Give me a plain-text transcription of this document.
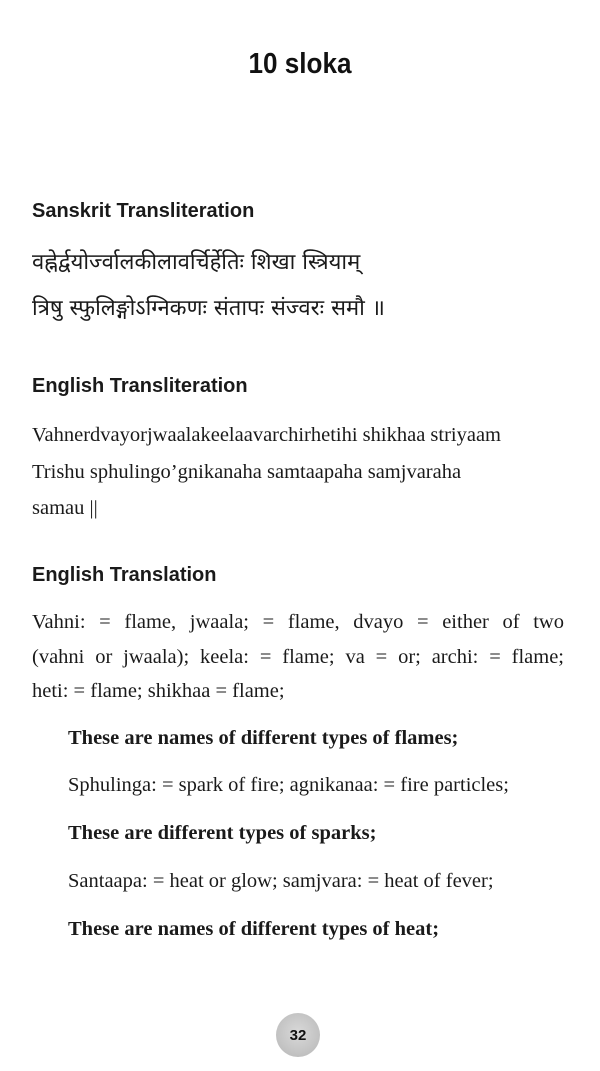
10 sloka
Sanskrit Transliteration
वह्नेर्द्वयोर्ज्वालकीलावर्चिर्हेतिः शिखा स्त्रियाम्
त्रिषु स्फुलिङ्गोऽग्निकणः संतापः संज्वरः समौ ॥
English Transliteration
Vahnerdvayorjwaalakeelaavarchirhetihi shikhaa striyaam
Trishu sphulingo’gnikanaha samtaapaha samjvaraha
samau ||
English Translation
Vahni: = flame, jwaala; = flame, dvayo = either of two
(vahni or jwaala); keela: = flame; va = or; archi: = flame;
heti: = flame; shikhaa = flame;
These are names of different types of flames;
Sphulinga: = spark of fire; agnikanaa: = fire particles;
These are different types of sparks;
Santaapa: = heat or glow; samjvara: = heat of fever;
These are names of different types of heat;
32
